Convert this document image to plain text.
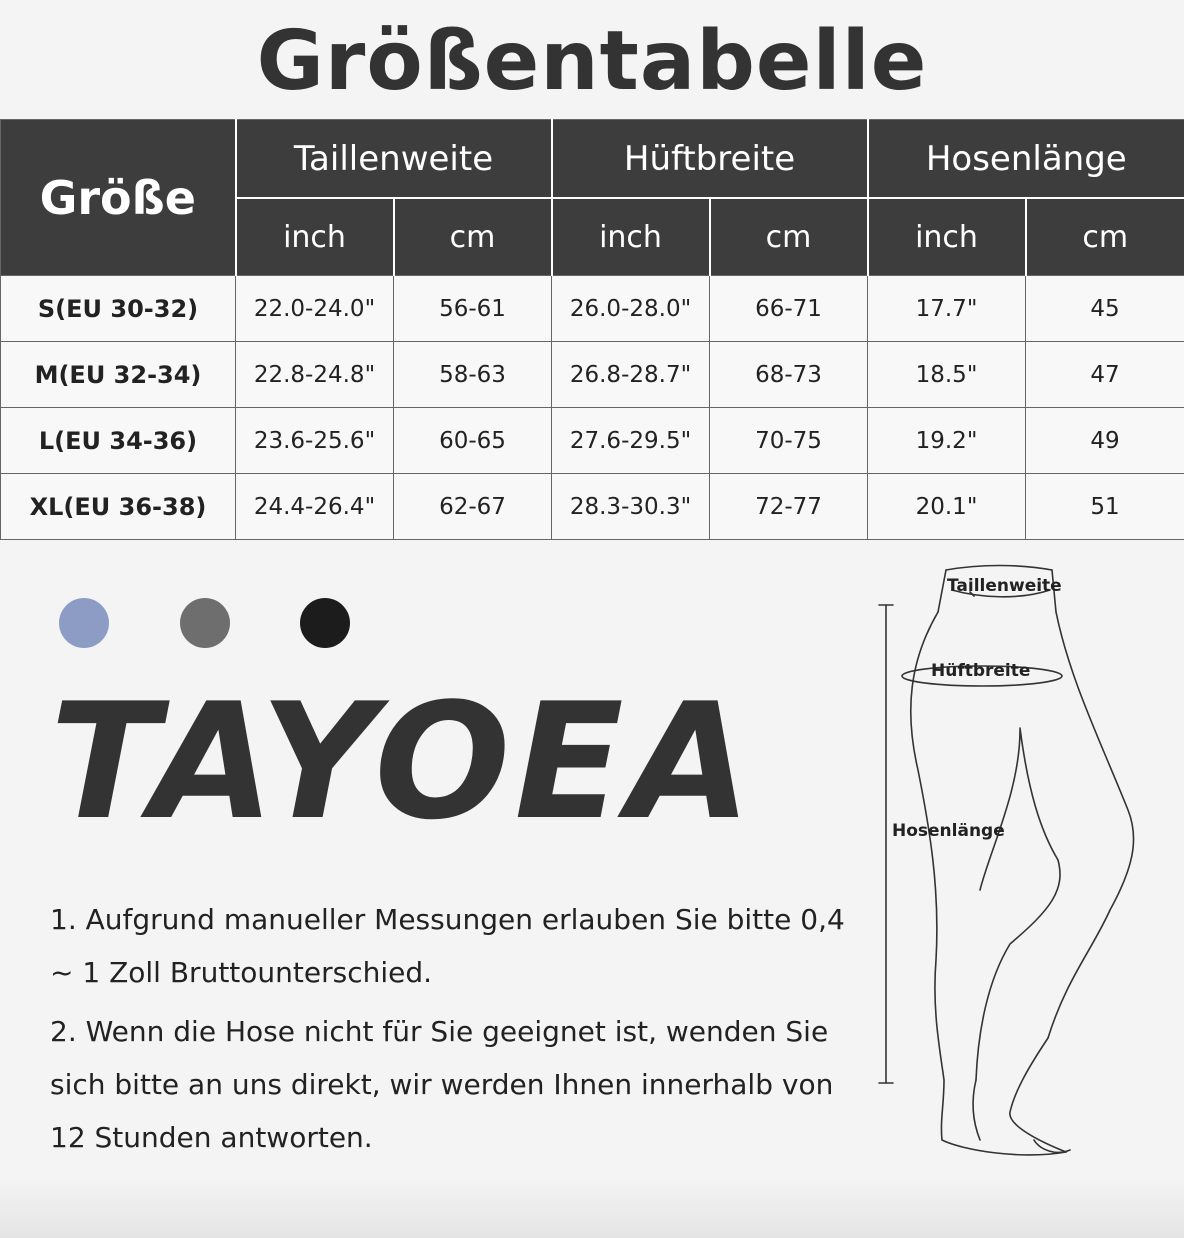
Größentabelle
Größe	Taillenweite		Hüftbreite		Hosenlänge	
	inch	cm	inch	cm	inch	cm
S(EU 30-32)	22.0-24.0"	56-61	26.0-28.0"	66-71	17.7"	45
M(EU 32-34)	22.8-24.8"	58-63	26.8-28.7"	68-73	18.5"	47
L(EU 34-36)	23.6-25.6"	60-65	27.6-29.5"	70-75	19.2"	49
XL(EU 36-38)	24.4-26.4"	62-67	28.3-30.3"	72-77	20.1"	51
TAYOEA

1. Aufgrund manueller Messungen erlauben Sie bitte 0,4 ~ 1 Zoll Bruttounterschied.

2. Wenn die Hose nicht für Sie geeignet ist, wenden Sie sich bitte an uns direkt, wir werden Ihnen innerhalb von 12 Stunden antworten.

Taillenweite
Hüftbreite
Hosenlänge
